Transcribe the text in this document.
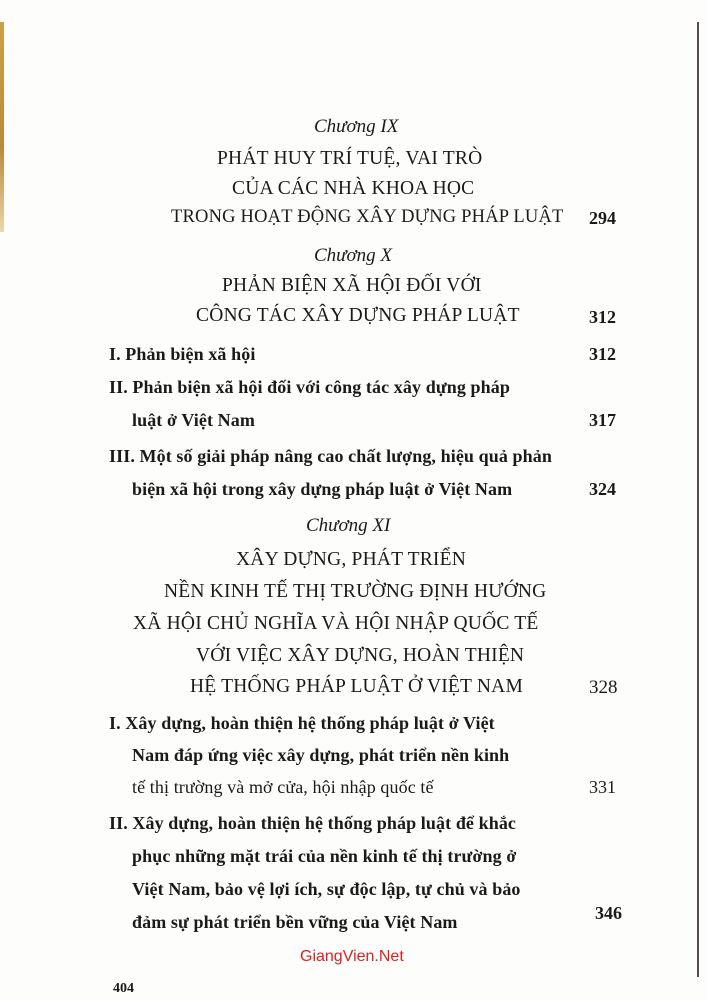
Chương IX
PHÁT HUY TRÍ TUỆ, VAI TRÒ
CỦA CÁC NHÀ KHOA HỌC
TRONG HOẠT ĐỘNG XÂY DỰNG PHÁP LUẬT 294
Chương X
PHẢN BIỆN XÃ HỘI ĐỐI VỚI
CÔNG TÁC XÂY DỰNG PHÁP LUẬT	312
I. Phản biện xã hội	312
II. Phản biện xã hội đối với công tác xây dựng pháp
luật ở Việt Nam	317
III. Một số giải pháp nâng cao chất lượng, hiệu quả phản
biện xã hội trong xây dựng pháp luật ở Việt Nam	324
Chương XI
XÂY DỰNG, PHÁT TRIỂN
NỀN KINH TẾ THỊ TRƯỜNG ĐỊNH HƯỚNG
XÃ HỘI CHỦ NGHĨA VÀ HỘI NHẬP QUỐC TẾ
VỚI VIỆC XÂY DỰNG, HOÀN THIỆN
HỆ THỐNG PHÁP LUẬT Ở VIỆT NAM	328
I. Xây dựng, hoàn thiện hệ thống pháp luật ở Việt
Nam đáp ứng việc xây dựng, phát triển nền kinh
tế thị trường và mở cửa, hội nhập quốc tế	331
II. Xây dựng, hoàn thiện hệ thống pháp luật để khắc
phục những mặt trái của nền kinh tế thị trường ở
Việt Nam, bảo vệ lợi ích, sự độc lập, tự chủ và bảo
đảm sự phát triển bền vững của Việt Nam	346
GiangVien.Net
404
